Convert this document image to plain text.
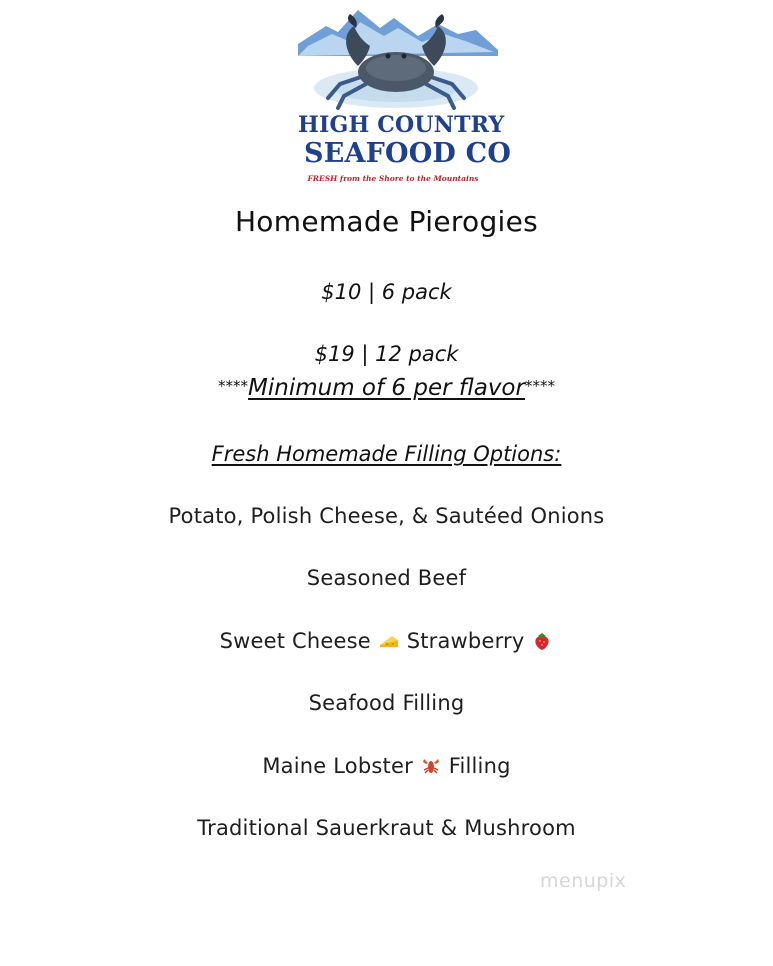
HIGH COUNTRY
SEAFOOD CO
FRESH from the Shore to the Mountains
Homemade Pierogies
$10 | 6 pack
$19 | 12 pack
****Minimum of 6 per flavor****
Fresh Homemade Filling Options:
Potato, Polish Cheese, & Sautéed Onions
Seasoned Beef
Sweet Cheese Strawberry
Seafood Filling
Maine Lobster Filling
Traditional Sauerkraut & Mushroom
menupix
